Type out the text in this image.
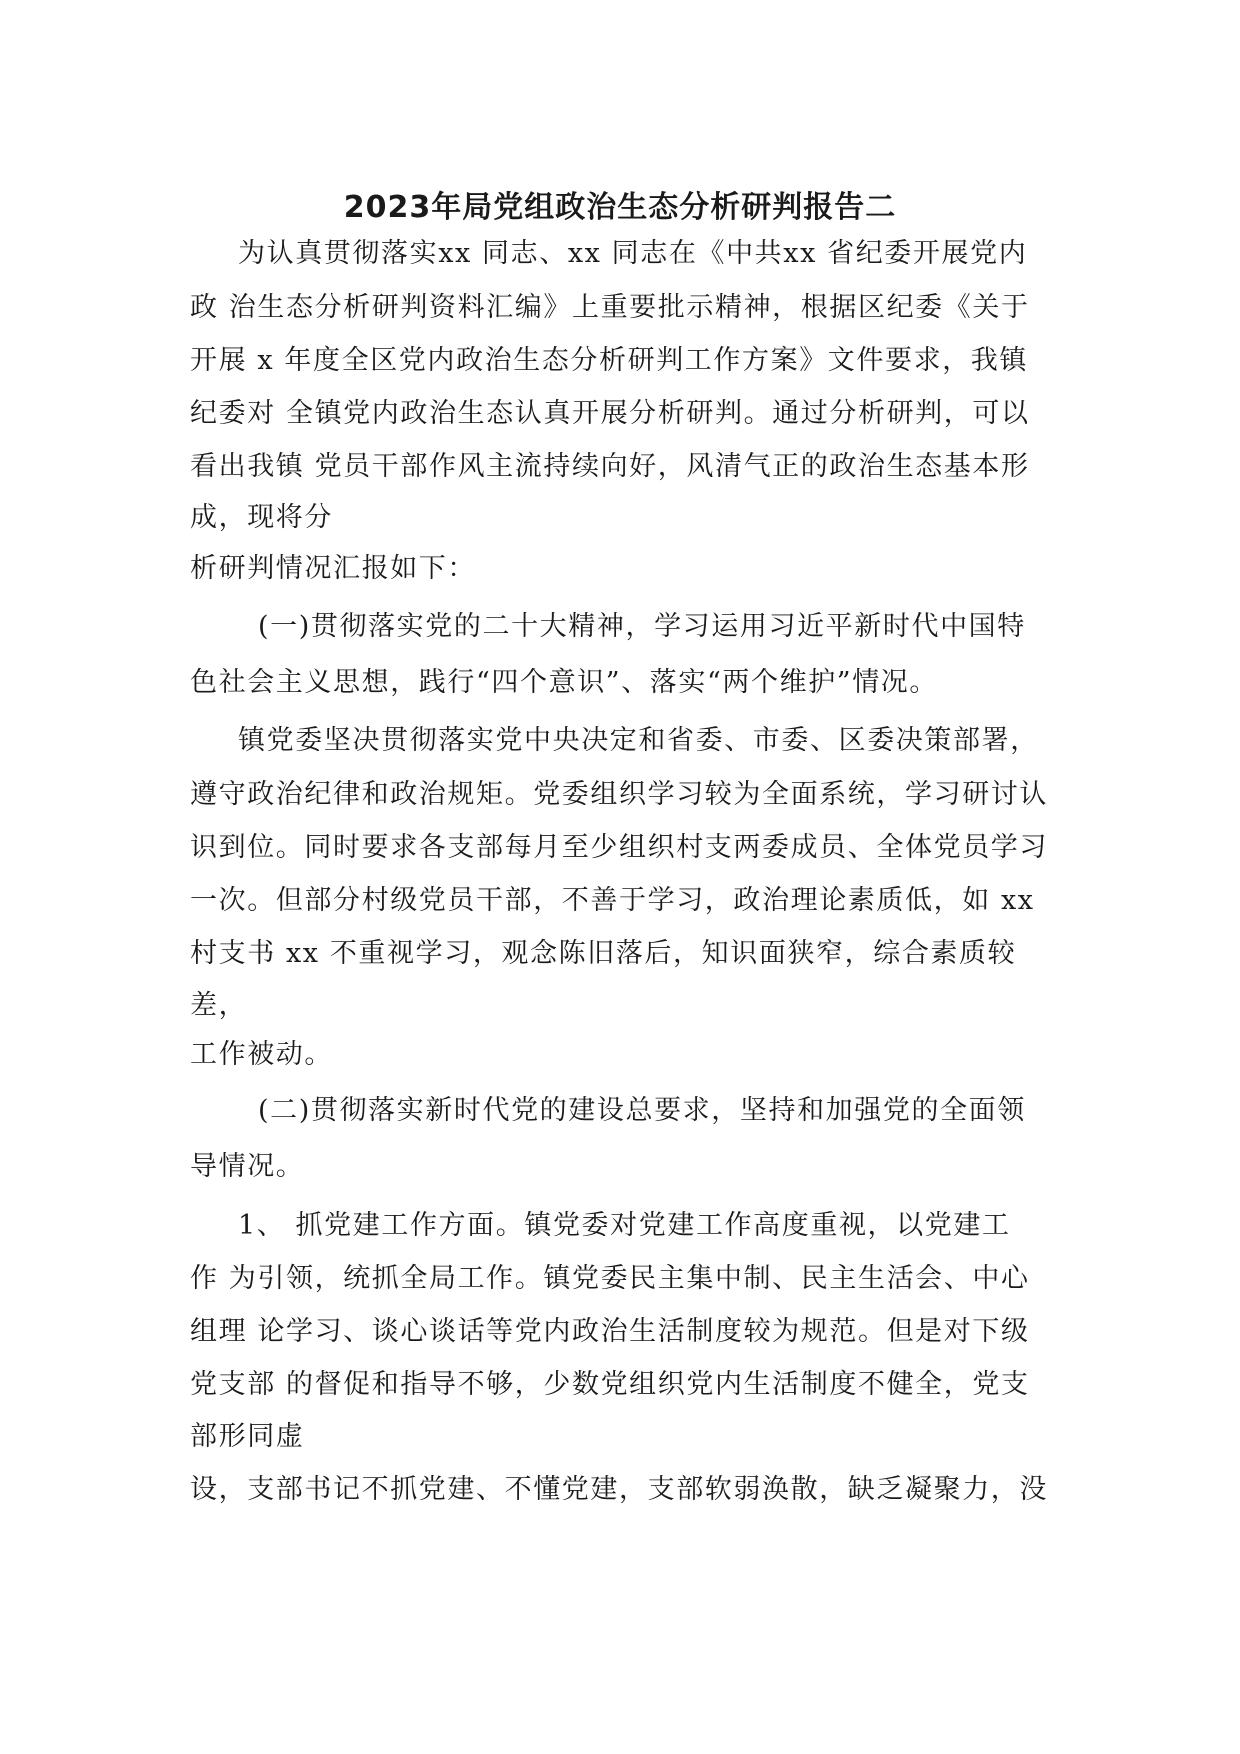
2023年局党组政治生态分析研判报告二
为认真贯彻落实xx 同志、xx 同志在《中共xx 省纪委开展党内
政 治生态分析研判资料汇编》上重要批示精神，根据区纪委《关于
开展 x 年度全区党内政治生态分析研判工作方案》文件要求，我镇
纪委对 全镇党内政治生态认真开展分析研判。通过分析研判，可以
看出我镇 党员干部作风主流持续向好，风清气正的政治生态基本形
成，现将分
析研判情况汇报如下：
(一)贯彻落实党的二十大精神，学习运用习近平新时代中国特
色社会主义思想，践行“四个意识”、落实“两个维护”情况。
镇党委坚决贯彻落实党中央决定和省委、市委、区委决策部署，
遵守政治纪律和政治规矩。党委组织学习较为全面系统，学习研讨认
识到位。同时要求各支部每月至少组织村支两委成员、全体党员学习
一次。但部分村级党员干部，不善于学习，政治理论素质低，如 xx
村支书 xx 不重视学习，观念陈旧落后，知识面狭窄，综合素质较
差，
工作被动。
(二)贯彻落实新时代党的建设总要求，坚持和加强党的全面领
导情况。
1、 抓党建工作方面。镇党委对党建工作高度重视，以党建工
作 为引领，统抓全局工作。镇党委民主集中制、民主生活会、中心
组理 论学习、谈心谈话等党内政治生活制度较为规范。但是对下级
党支部 的督促和指导不够，少数党组织党内生活制度不健全，党支
部形同虚
设，支部书记不抓党建、不懂党建，支部软弱涣散，缺乏凝聚力，没
